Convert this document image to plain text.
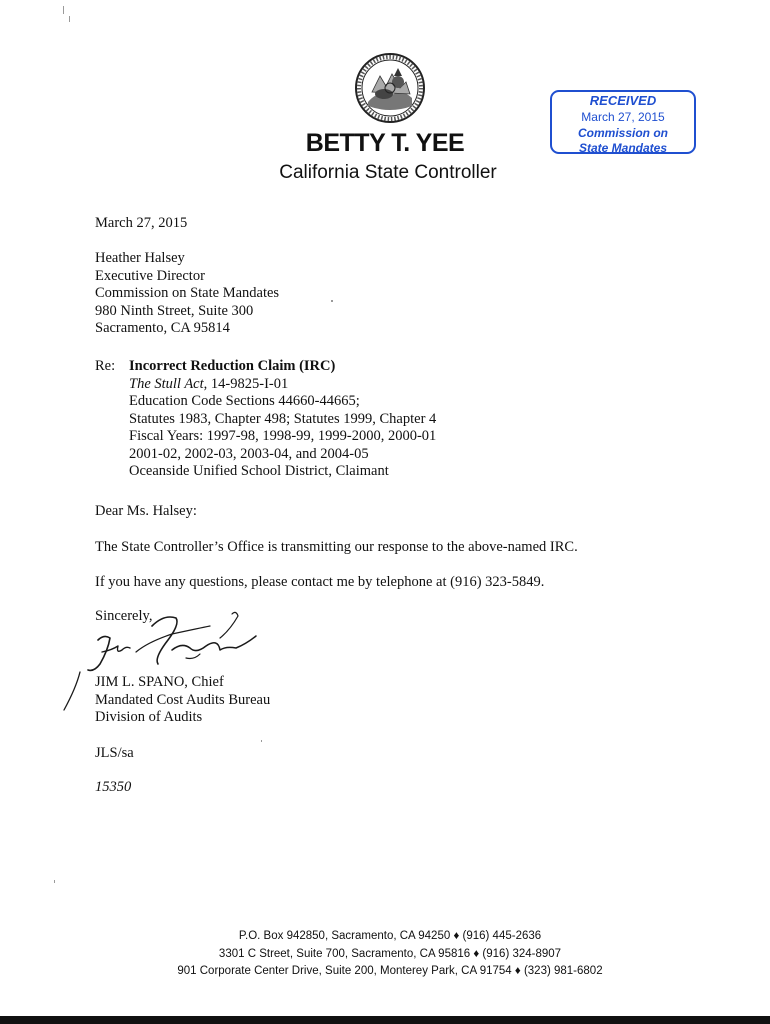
BETTY T. YEE
California State Controller
RECEIVED
March 27, 2015
Commission on
State Mandates
March 27, 2015
Heather Halsey
Executive Director
Commission on State Mandates
980 Ninth Street, Suite 300
Sacramento, CA 95814
Re: Incorrect Reduction Claim (IRC)
The Stull Act, 14-9825-I-01
Education Code Sections 44660-44665;
Statutes 1983, Chapter 498; Statutes 1999, Chapter 4
Fiscal Years: 1997-98, 1998-99, 1999-2000, 2000-01
2001-02, 2002-03, 2003-04, and 2004-05
Oceanside Unified School District, Claimant
Dear Ms. Halsey:
The State Controller’s Office is transmitting our response to the above-named IRC.
If you have any questions, please contact me by telephone at (916) 323-5849.
Sincerely,
JIM L. SPANO, Chief
Mandated Cost Audits Bureau
Division of Audits
JLS/sa
15350
P.O. Box 942850, Sacramento, CA 94250 ♦ (916) 445-2636
3301 C Street, Suite 700, Sacramento, CA 95816 ♦ (916) 324-8907
901 Corporate Center Drive, Suite 200, Monterey Park, CA 91754 ♦ (323) 981-6802
